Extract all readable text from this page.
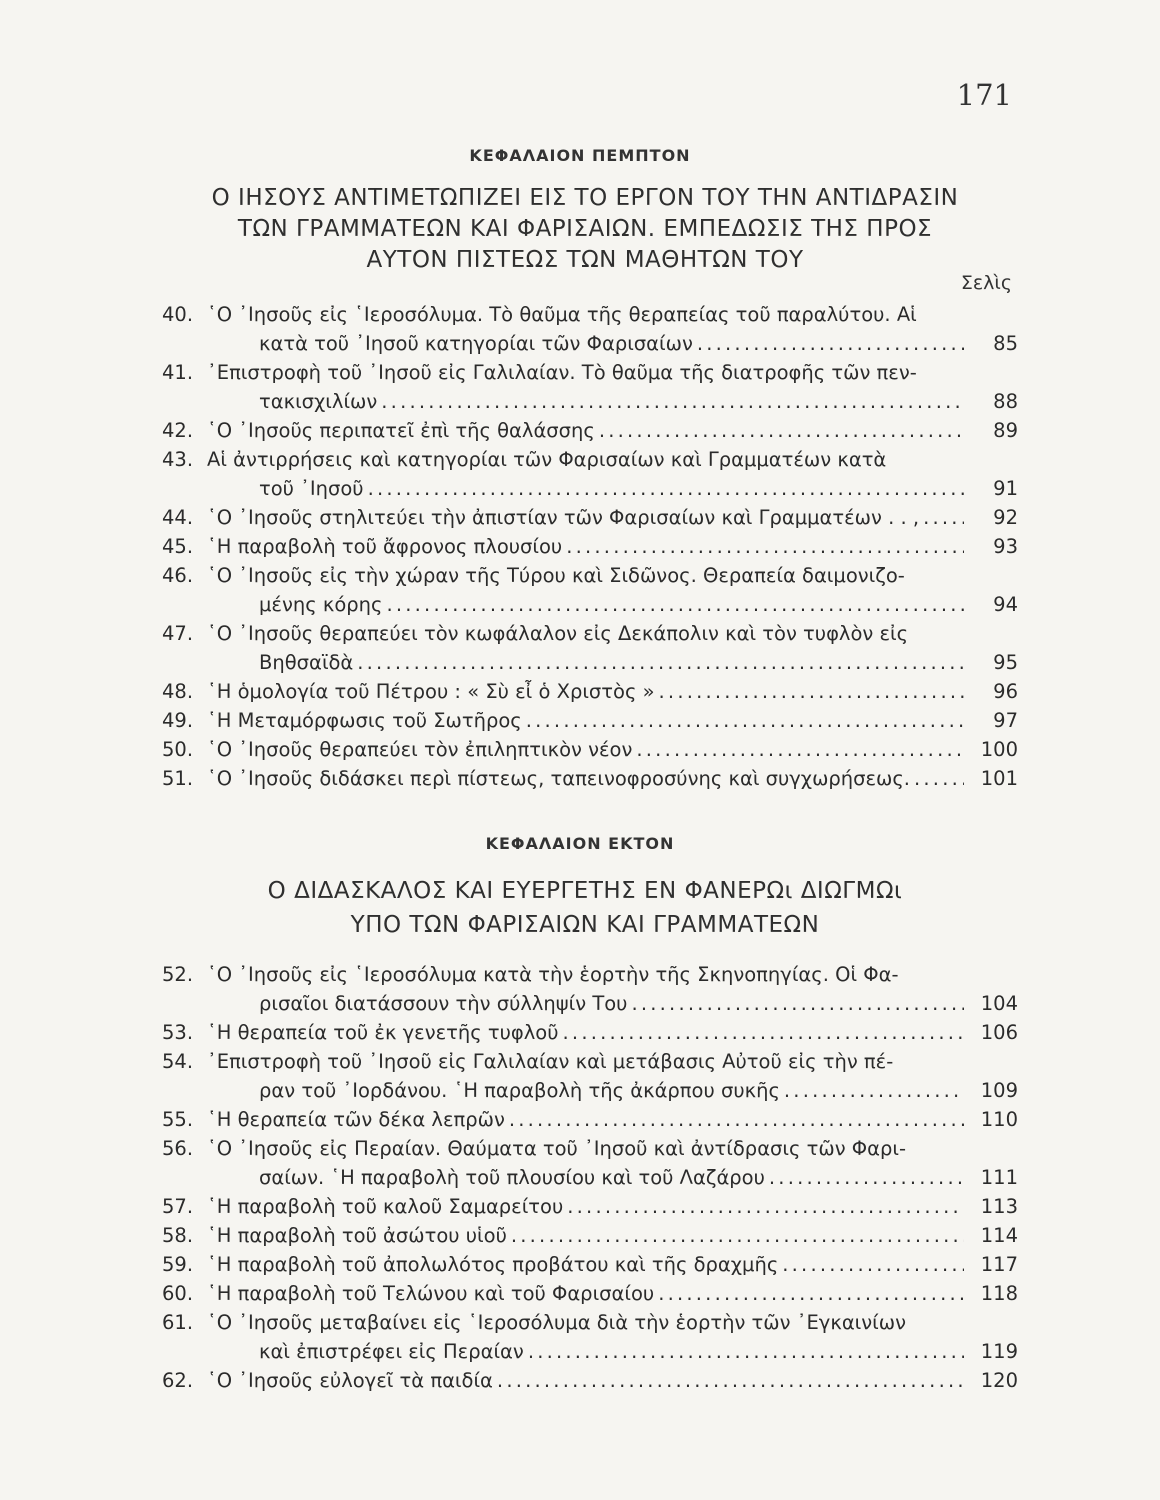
171
ΚΕΦΑΛΑΙΟΝ ΠΕΜΠΤΟΝ
Ο ΙΗΣΟΥΣ ΑΝΤΙΜΕΤΩΠΙΖΕΙ ΕΙΣ ΤΟ ΕΡΓΟΝ ΤΟΥ ΤΗΝ ΑΝΤΙΔΡΑΣΙΝ
ΤΩΝ ΓΡΑΜΜΑΤΕΩΝ ΚΑΙ ΦΑΡΙΣΑΙΩΝ. ΕΜΠΕΔΩΣΙΣ ΤΗΣ ΠΡΟΣ
ΑΥΤΟΝ ΠΙΣΤΕΩΣ ΤΩΝ ΜΑΘΗΤΩΝ ΤΟΥ
Σελὶς
40. ῾Ο ᾿Ιησοῦς εἰς ῾Ιεροσόλυμα. Τὸ θαῦμα τῆς θεραπείας τοῦ παραλύτου. Αἱ
κατὰ τοῦ ᾿Ιησοῦ κατηγορίαι τῶν Φαρισαίων . . .	85
41. ᾿Επιστροφὴ τοῦ ᾿Ιησοῦ εἰς Γαλιλαίαν. Τὸ θαῦμα τῆς διατροφῆς τῶν πεν-
τακισχιλίων . . .	88
42. ῾Ο ᾿Ιησοῦς περιπατεῖ ἐπὶ τῆς θαλάσσης . . .	89
43. Αἱ ἀντιρρήσεις καὶ κατηγορίαι τῶν Φαρισαίων καὶ Γραμματέων κατὰ
τοῦ ᾿Ιησοῦ . . .	91
44. ῾Ο ᾿Ιησοῦς στηλιτεύει τὴν ἀπιστίαν τῶν Φαρισαίων καὶ Γραμματέων . . , . . .	92
45. ῾Η παραβολὴ τοῦ ἄφρονος πλουσίου . . .	93
46. ῾Ο ᾿Ιησοῦς εἰς τὴν χώραν τῆς Τύρου καὶ Σιδῶνος. Θεραπεία δαιμονιζο-
μένης κόρης . . .	94
47. ῾Ο ᾿Ιησοῦς θεραπεύει τὸν κωφάλαλον εἰς Δεκάπολιν καὶ τὸν τυφλὸν εἰς
Βηθσαϊδὰ . . .	95
48. ῾Η ὁμολογία τοῦ Πέτρου : « Σὺ εἶ ὁ Χριστὸς » . . .	96
49. ῾Η Μεταμόρφωσις τοῦ Σωτῆρος . . .	97
50. ῾Ο ᾿Ιησοῦς θεραπεύει τὸν ἐπιληπτικὸν νέον . . .	100
51. ῾Ο ᾿Ιησοῦς διδάσκει περὶ πίστεως, ταπεινοφροσύνης καὶ συγχωρήσεως. . . .	101
ΚΕΦΑΛΑΙΟΝ ΕΚΤΟΝ
Ο ΔΙΔΑΣΚΑΛΟΣ ΚΑΙ ΕΥΕΡΓΕΤΗΣ ΕΝ ΦΑΝΕΡΩι ΔΙΩΓΜΩι
ΥΠΟ ΤΩΝ ΦΑΡΙΣΑΙΩΝ ΚΑΙ ΓΡΑΜΜΑΤΕΩΝ
52. ῾Ο ᾿Ιησοῦς εἰς ῾Ιεροσόλυμα κατὰ τὴν ἑορτὴν τῆς Σκηνοπηγίας. Οἱ Φα-
ρισαῖοι διατάσσουν τὴν σύλληψίν Του . . .	104
53. ῾Η θεραπεία τοῦ ἐκ γενετῆς τυφλοῦ . . .	106
54. ᾿Επιστροφὴ τοῦ ᾿Ιησοῦ εἰς Γαλιλαίαν καὶ μετάβασις Αὐτοῦ εἰς τὴν πέ-
ραν τοῦ ᾿Ιορδάνου. ῾Η παραβολὴ τῆς ἀκάρπου συκῆς . . .	109
55. ῾Η θεραπεία τῶν δέκα λεπρῶν . . .	110
56. ῾Ο ᾿Ιησοῦς εἰς Περαίαν. Θαύματα τοῦ ᾿Ιησοῦ καὶ ἀντίδρασις τῶν Φαρι-
σαίων. ῾Η παραβολὴ τοῦ πλουσίου καὶ τοῦ Λαζάρου . . .	111
57. ῾Η παραβολὴ τοῦ καλοῦ Σαμαρείτου . . .	113
58. ῾Η παραβολὴ τοῦ ἀσώτου υἱοῦ . . .	114
59. ῾Η παραβολὴ τοῦ ἀπολωλότος προβάτου καὶ τῆς δραχμῆς . . .	117
60. ῾Η παραβολὴ τοῦ Τελώνου καὶ τοῦ Φαρισαίου . . .	118
61. ῾Ο ᾿Ιησοῦς μεταβαίνει εἰς ῾Ιεροσόλυμα διὰ τὴν ἑορτὴν τῶν ᾿Εγκαινίων
καὶ ἐπιστρέφει εἰς Περαίαν . . .	119
62. ῾Ο ᾿Ιησοῦς εὐλογεῖ τὰ παιδία . . .	120
